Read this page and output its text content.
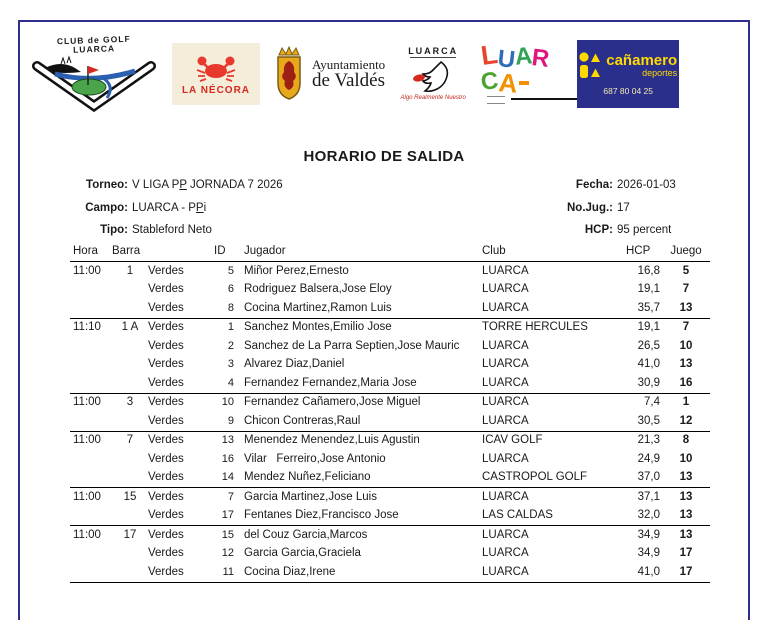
CLUB de GOLF
LUARCA
LA NÉCORA
Ayuntamiento
de Valdés
LUARCA
Algo Realmente Nuestro
LUARCA
cañamero
deportes
687 80 04 25
HORARIO DE SALIDA
Torneo: V LIGA PP JORNADA 7 2026
Campo: LUARCA - PPi
Tipo: Stableford Neto
Fecha: 2026-01-03
No.Jug.: 17
HCP: 95 percent
Hora	Barra		ID	Jugador	Club	HCP	Juego
11:00	1	Verdes	5	Miñor Perez,Ernesto	LUARCA	16,8	5
		Verdes	6	Rodriguez Balsera,Jose Eloy	LUARCA	19,1	7
		Verdes	8	Cocina Martinez,Ramon Luis	LUARCA	35,7	13
11:10	1 A	Verdes	1	Sanchez Montes,Emilio Jose	TORRE HERCULES	19,1	7
		Verdes	2	Sanchez de La Parra Septien,Jose Mauric	LUARCA	26,5	10
		Verdes	3	Alvarez Diaz,Daniel	LUARCA	41,0	13
		Verdes	4	Fernandez Fernandez,Maria Jose	LUARCA	30,9	16
11:00	3	Verdes	10	Fernandez Cañamero,Jose Miguel	LUARCA	7,4	1
		Verdes	9	Chicon Contreras,Raul	LUARCA	30,5	12
11:00	7	Verdes	13	Menendez Menendez,Luis Agustin	ICAV GOLF	21,3	8
		Verdes	16	Vilar   Ferreiro,Jose Antonio	LUARCA	24,9	10
		Verdes	14	Mendez Nuñez,Feliciano	CASTROPOL GOLF	37,0	13
11:00	15	Verdes	7	Garcia Martinez,Jose Luis	LUARCA	37,1	13
		Verdes	17	Fentanes Diez,Francisco Jose	LAS CALDAS	32,0	13
11:00	17	Verdes	15	del Couz Garcia,Marcos	LUARCA	34,9	13
		Verdes	12	Garcia Garcia,Graciela	LUARCA	34,9	17
		Verdes	11	Cocina Diaz,Irene	LUARCA	41,0	17
